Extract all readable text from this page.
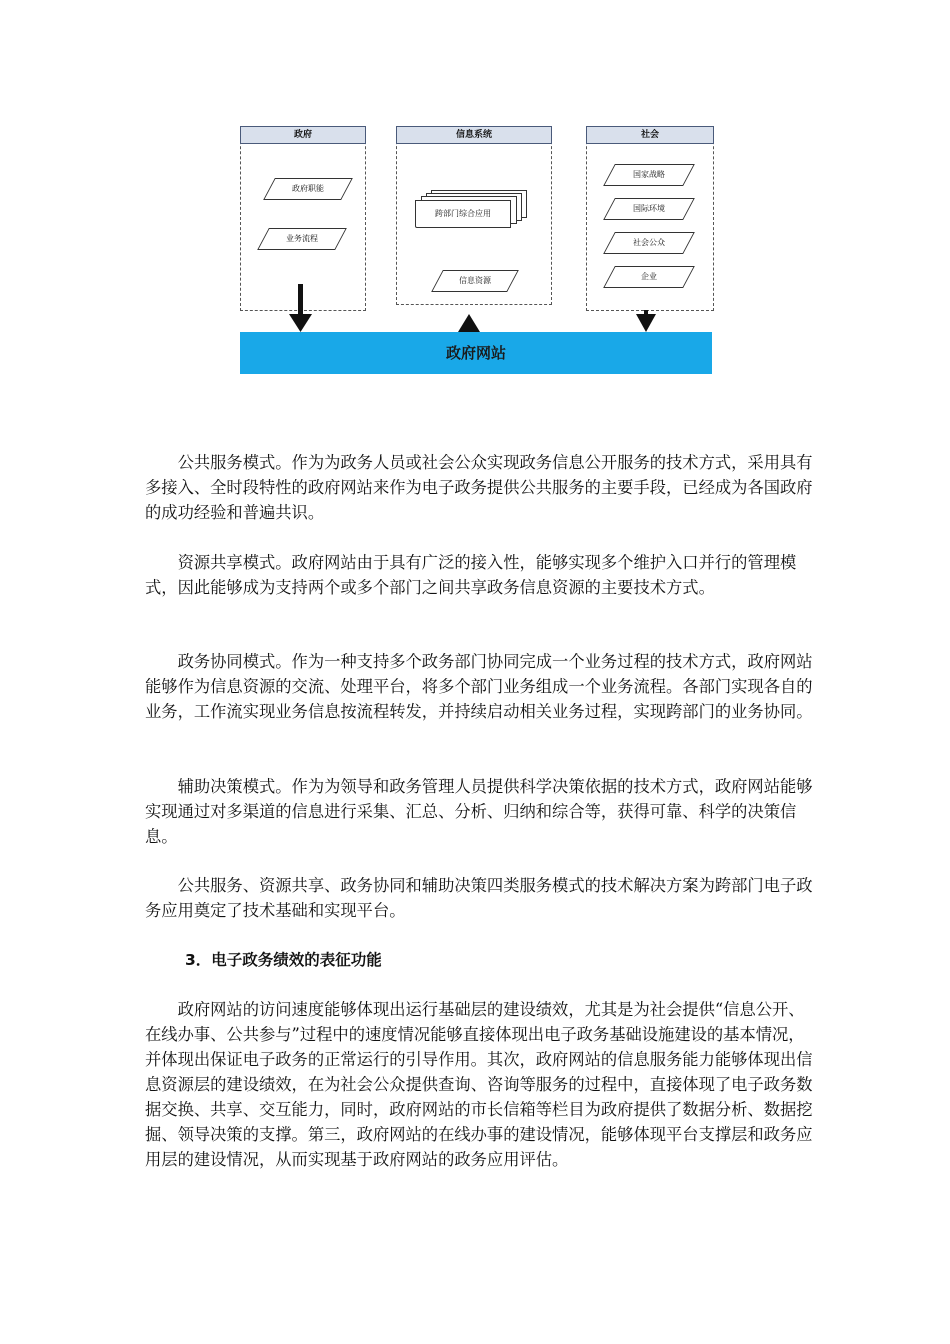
政府
政府职能
业务流程
信息系统
跨部门综合应用
信息资源
社会
国家战略
国际环境
社会公众
企业
政府网站

　　公共服务模式。作为为政务人员或社会公众实现政务信息公开服务的技术方式，采用具有多接入、全时段特性的政府网站来作为电子政务提供公共服务的主要手段，已经成为各国政府的成功经验和普遍共识。

　　资源共享模式。政府网站由于具有广泛的接入性，能够实现多个维护入口并行的管理模式，因此能够成为支持两个或多个部门之间共享政务信息资源的主要技术方式。

　　政务协同模式。作为一种支持多个政务部门协同完成一个业务过程的技术方式，政府网站能够作为信息资源的交流、处理平台，将多个部门业务组成一个业务流程。各部门实现各自的业务，工作流实现业务信息按流程转发，并持续启动相关业务过程，实现跨部门的业务协同。

　　辅助决策模式。作为为领导和政务管理人员提供科学决策依据的技术方式，政府网站能够实现通过对多渠道的信息进行采集、汇总、分析、归纳和综合等，获得可靠、科学的决策信息。

　　公共服务、资源共享、政务协同和辅助决策四类服务模式的技术解决方案为跨部门电子政务应用奠定了技术基础和实现平台。

3．电子政务绩效的表征功能

　　政府网站的访问速度能够体现出运行基础层的建设绩效，尤其是为社会提供“信息公开、在线办事、公共参与”过程中的速度情况能够直接体现出电子政务基础设施建设的基本情况，并体现出保证电子政务的正常运行的引导作用。其次，政府网站的信息服务能力能够体现出信息资源层的建设绩效，在为社会公众提供查询、咨询等服务的过程中，直接体现了电子政务数据交换、共享、交互能力，同时，政府网站的市长信箱等栏目为政府提供了数据分析、数据挖掘、领导决策的支撑。第三，政府网站的在线办事的建设情况，能够体现平台支撑层和政务应用层的建设情况，从而实现基于政府网站的政务应用评估。
